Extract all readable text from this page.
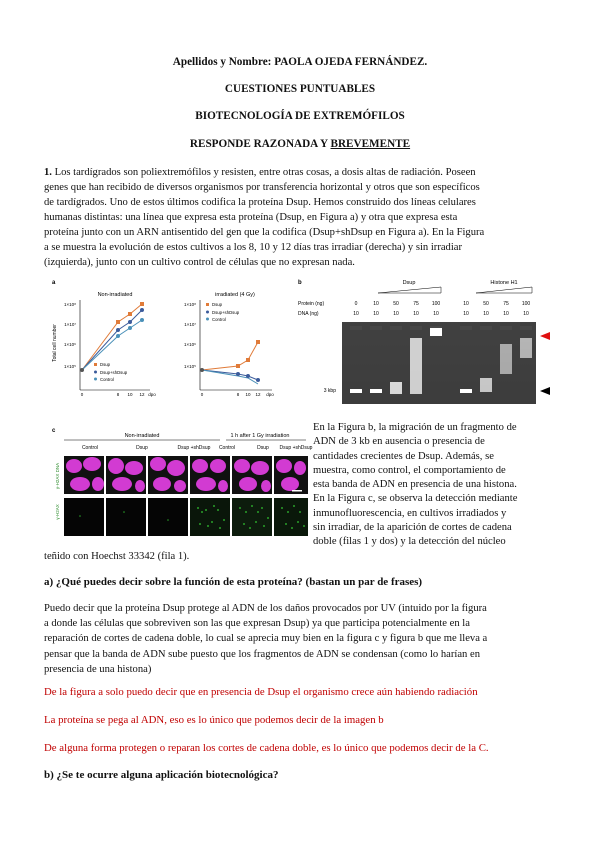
Apellidos y Nombre: PAOLA OJEDA FERNÁNDEZ.
CUESTIONES PUNTUABLES
BIOTECNOLOGÍA DE EXTREMÓFILOS
RESPONDE RAZONADA Y BREVEMENTE
1. Los tardígrados son poliextremófilos y resisten, entre otras cosas, a dosis altas de radiación. Poseen
genes que han recibido de diversos organismos por transferencia horizontal y otros que son específicos
de tardígrados. Uno de estos últimos codifica la proteína Dsup. Hemos construido dos líneas celulares
humanas distintas: una línea que expresa esta proteína (Dsup, en Figura a) y otra que expresa esta
proteína junto con un ARN antisentido del gen que la codifica (Dsup+shDsup en Figura a). En la Figura
a se muestra la evolución de estos cultivos a los 8, 10 y 12 días tras irradiar (derecha) y sin irradiar
(izquierda), junto con un cultivo control de células que no expresan nada.
a
Total cell number
Non-irradiated
1×10⁸
1×10⁷
1×10⁶
1×10⁵
0	8 10 12 dpo
Dsup
Dsup+shDsup
Control
irradiated (4 Gy)
1×10⁸
1×10⁷
1×10⁶
1×10⁵
0	8 10 12 dpo
Dsup
Dsup+shDsup
Control
b	Dsup	Histone H1
Protein (ng)
DNA (ng)
0	10	50	75	100	10	50	75	100
10	10	10	10	10	10	10	10	10
3 kbp
c
Non-irradiated	1 h after 1 Gy irradiation
Control	Dsup	Dsup +shDsup Control	Dsup Dsup +shDsup
γ-H2AX DNA
γ-H2AX
En la Figura b, la migración de un fragmento de
ADN de 3 kb en ausencia o presencia de
cantidades crecientes de Dsup. Además, se
muestra, como control, el comportamiento de
esta banda de ADN en presencia de una histona.
En la Figura c, se observa la detección mediante
inmunofluorescencia, en cultivos irradiados y
sin irradiar, de la aparición de cortes de cadena
doble (filas 1 y dos) y la detección del núcleo
teñido con Hoechst 33342 (fila 1).
a) ¿Qué puedes decir sobre la función de esta proteína? (bastan un par de frases)
Puedo decir que la proteína Dsup protege al ADN de los daños provocados por UV (intuido por la figura
a donde las células que sobreviven son las que expresan Dsup) ya que participa potencialmente en la
reparación de cortes de cadena doble, lo cual se aprecia muy bien en la figura c y figura b que me lleva a
pensar que la banda de ADN sube puesto que los fragmentos de ADN se condensan (como lo harían en
presencia de una histona)
De la figura a solo puedo decir que en presencia de Dsup el organismo crece aún habiendo radiación
La proteína se pega al ADN, eso es lo único que podemos decir de la imagen b
De alguna forma protegen o reparan los cortes de cadena doble, es lo único que podemos decir de la C.
b) ¿Se te ocurre alguna aplicación biotecnológica?
